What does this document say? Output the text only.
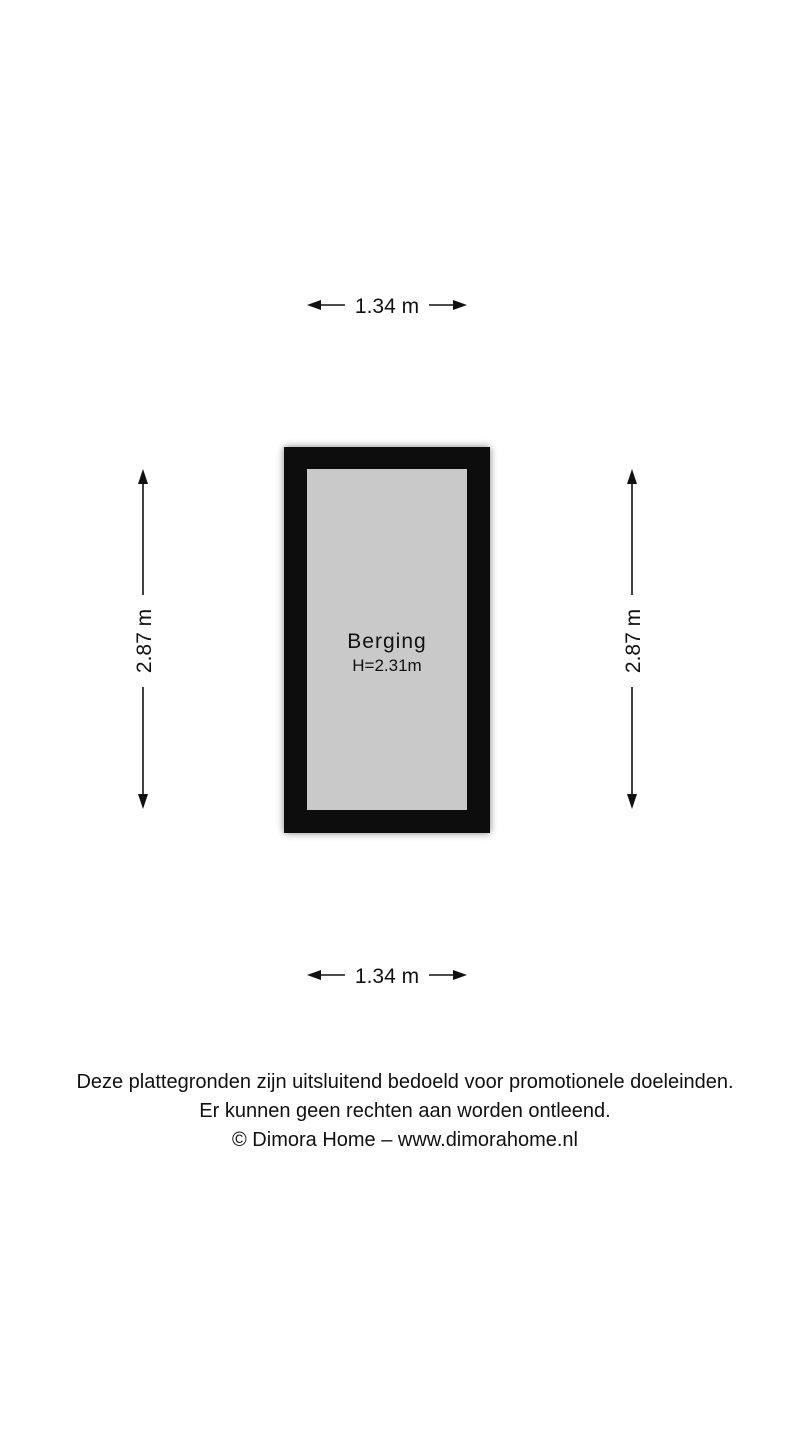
1.34 m
1.34 m
2.87 m	2.87 m
Berging
H=2.31m
Deze plattegronden zijn uitsluitend bedoeld voor promotionele doeleinden.
Er kunnen geen rechten aan worden ontleend.
© Dimora Home – www.dimorahome.nl
